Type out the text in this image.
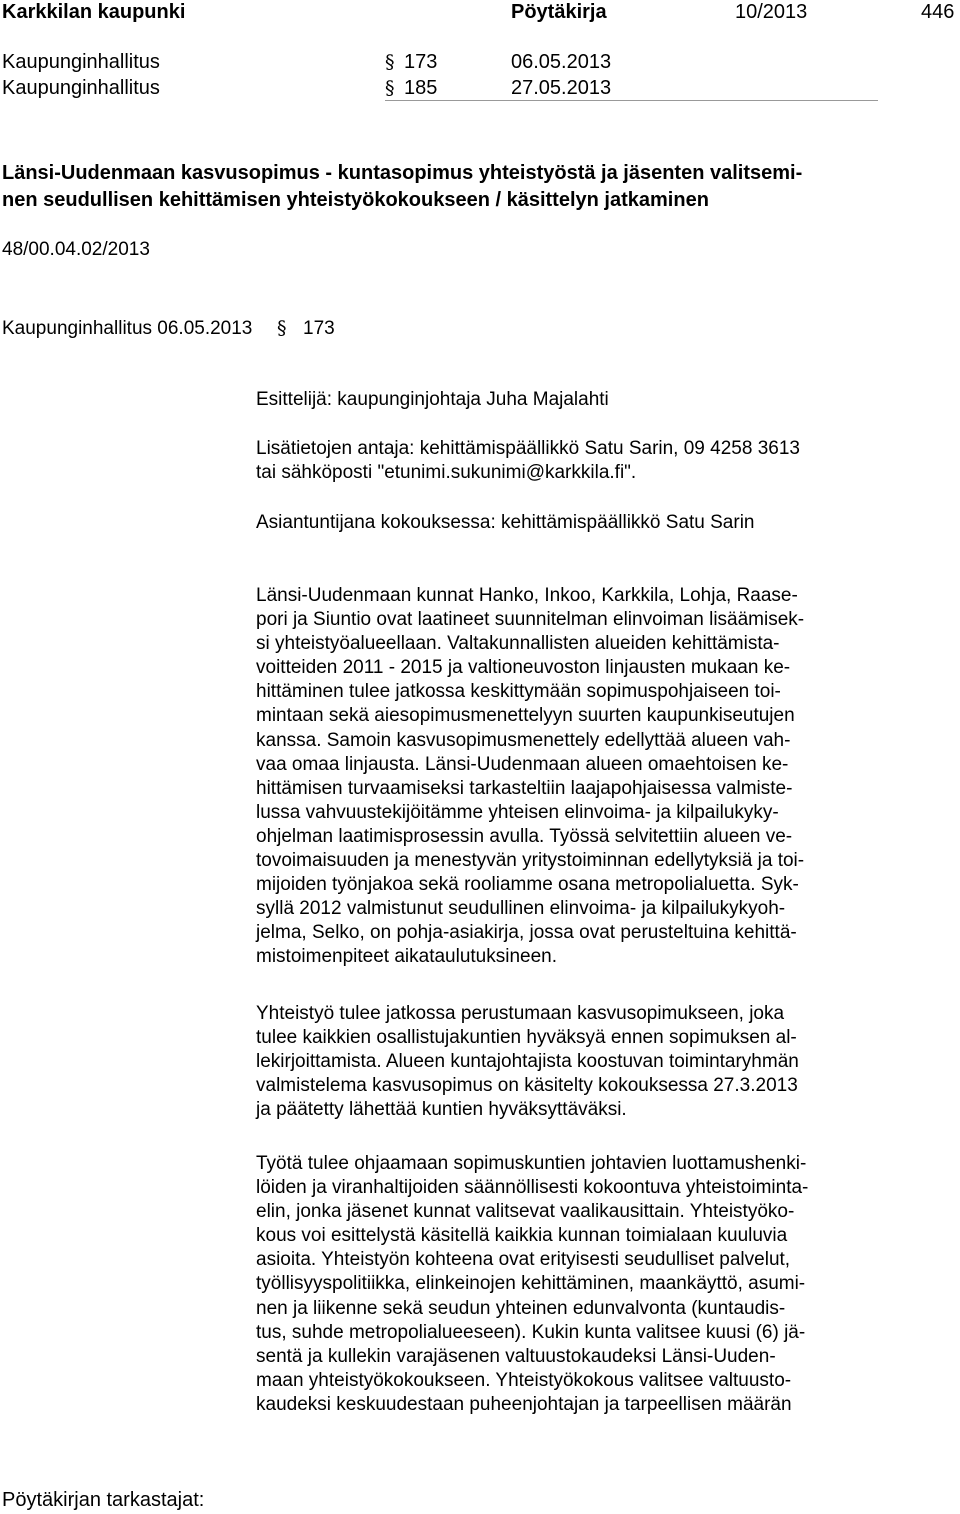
Karkkilan kaupunki	Pöytäkirja	10/2013	446
Kaupunginhallitus	§ 173	06.05.2013
Kaupunginhallitus	§ 185	27.05.2013
Länsi-Uudenmaan kasvusopimus - kuntasopimus yhteistyöstä ja jäsenten valitsemi-
nen seudullisen kehittämisen yhteistyökokoukseen / käsittelyn jatkaminen
48/00.04.02/2013
Kaupunginhallitus 06.05.2013 § 173
Esittelijä: kaupunginjohtaja Juha Majalahti
Lisätietojen antaja: kehittämispäällikkö Satu Sarin, 09 4258 3613
tai sähköposti "etunimi.sukunimi@karkkila.fi".
Asiantuntijana kokouksessa: kehittämispäällikkö Satu Sarin
Länsi-Uudenmaan kunnat Hanko, Inkoo, Karkkila, Lohja, Raase-
pori ja Siuntio ovat laatineet suunnitelman elinvoiman lisäämisek-
si yhteistyöalueellaan. Valtakunnallisten alueiden kehittämista-
voitteiden 2011 - 2015 ja valtioneuvoston linjausten mukaan ke-
hittäminen tulee jatkossa keskittymään sopimuspohjaiseen toi-
mintaan sekä aiesopimusmenettelyyn suurten kaupunkiseutujen
kanssa. Samoin kasvusopimusmenettely edellyttää alueen vah-
vaa omaa linjausta. Länsi-Uudenmaan alueen omaehtoisen ke-
hittämisen turvaamiseksi tarkasteltiin laajapohjaisessa valmiste-
lussa vahvuustekijöitämme yhteisen elinvoima- ja kilpailukyky-
ohjelman laatimisprosessin avulla. Työssä selvitettiin alueen ve-
tovoimaisuuden ja menestyvän yritystoiminnan edellytyksiä ja toi-
mijoiden työnjakoa sekä rooliamme osana metropolialuetta. Syk-
syllä 2012 valmistunut seudullinen elinvoima- ja kilpailukykyoh-
jelma, Selko, on pohja-asiakirja, jossa ovat perusteltuina kehittä-
mistoimenpiteet aikataulutuksineen.
Yhteistyö tulee jatkossa perustumaan kasvusopimukseen, joka
tulee kaikkien osallistujakuntien hyväksyä ennen sopimuksen al-
lekirjoittamista. Alueen kuntajohtajista koostuvan toimintaryhmän
valmistelema kasvusopimus on käsitelty kokouksessa 27.3.2013
ja päätetty lähettää kuntien hyväksyttäväksi.
Työtä tulee ohjaamaan sopimuskuntien johtavien luottamushenki-
löiden ja viranhaltijoiden säännöllisesti kokoontuva yhteistoiminta-
elin, jonka jäsenet kunnat valitsevat vaalikausittain. Yhteistyökо-
kous voi esittelystä käsitellä kaikkia kunnan toimialaan kuuluvia
asioita. Yhteistyön kohteena ovat erityisesti seudulliset palvelut,
työllisyyspolitiikka, elinkeinojen kehittäminen, maankäyttö, asumi-
nen ja liikenne sekä seudun yhteinen edunvalvonta (kuntaudis-
tus, suhde metropolialueeseen). Kukin kunta valitsee kuusi (6) jä-
sentä ja kullekin varajäsenen valtuustokaudeksi Länsi-Uuden-
maan yhteistyökokoukseen. Yhteistyökokous valitsee valtuusto-
kaudeksi keskuudestaan puheenjohtajan ja tarpeellisen määrän
Pöytäkirjan tarkastajat:
